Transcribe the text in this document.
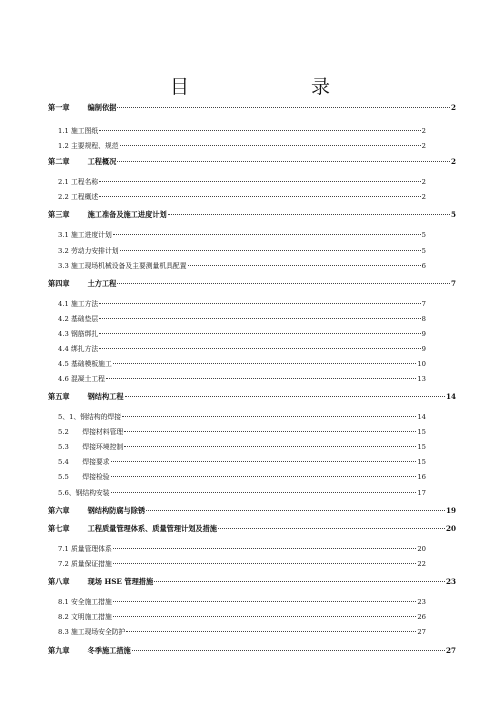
目 录
第一章	编制依据	2
1.1 施工图纸	2
1.2 主要规程、规范	2
第二章	工程概况	2
2.1 工程名称	2
2.2 工程概述	2
第三章	施工准备及施工进度计划	5
3.1 施工进度计划	5
3.2 劳动力安排计划	5
3.3 施工现场机械设备及主要测量机具配置	6
第四章	土方工程	7
4.1 施工方法	7
4.2 基础垫层	8
4.3 钢筋绑扎	9
4.4 绑扎方法	9
4.5 基础模板施工	10
4.6 混凝土工程	13
第五章	钢结构工程	14
5、1、钢结构的焊接	14
5.2　　焊接材料管理	15
5.3　　焊接环境控制	15
5.4　　焊接要求	15
5.5　　焊接检验	16
5.6、钢结构安装	17
第六章	钢结构防腐与除锈	19
第七章	工程质量管理体系、质量管理计划及措施	20
7.1 质量管理体系	20
7.2 质量保证措施	22
第八章	现场 HSE 管理措施	23
8.1 安全施工措施	23
8.2 文明施工措施	26
8.3 施工现场安全防护	27
第九章	冬季施工措施	27
